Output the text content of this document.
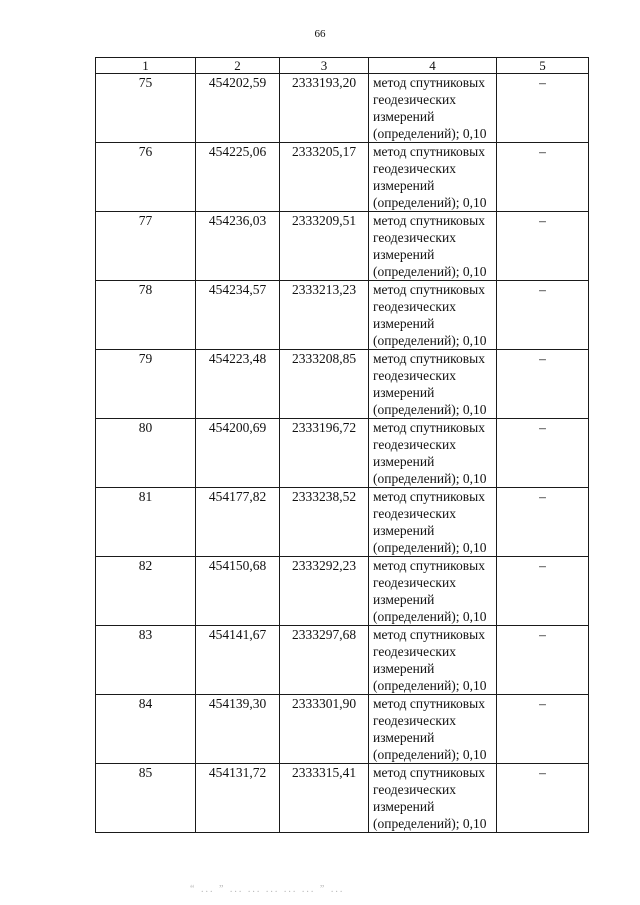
66
1	2	3	4	5
75	454202,59	2333193,20	метод спутниковых геодезических измерений (определений); 0,10	–
76	454225,06	2333205,17	метод спутниковых геодезических измерений (определений); 0,10	–
77	454236,03	2333209,51	метод спутниковых геодезических измерений (определений); 0,10	–
78	454234,57	2333213,23	метод спутниковых геодезических измерений (определений); 0,10	–
79	454223,48	2333208,85	метод спутниковых геодезических измерений (определений); 0,10	–
80	454200,69	2333196,72	метод спутниковых геодезических измерений (определений); 0,10	–
81	454177,82	2333238,52	метод спутниковых геодезических измерений (определений); 0,10	–
82	454150,68	2333292,23	метод спутниковых геодезических измерений (определений); 0,10	–
83	454141,67	2333297,68	метод спутниковых геодезических измерений (определений); 0,10	–
84	454139,30	2333301,90	метод спутниковых геодезических измерений (определений); 0,10	–
85	454131,72	2333315,41	метод спутниковых геодезических измерений (определений); 0,10	–
“ ... ” ... ... ... ... ... ” ...
